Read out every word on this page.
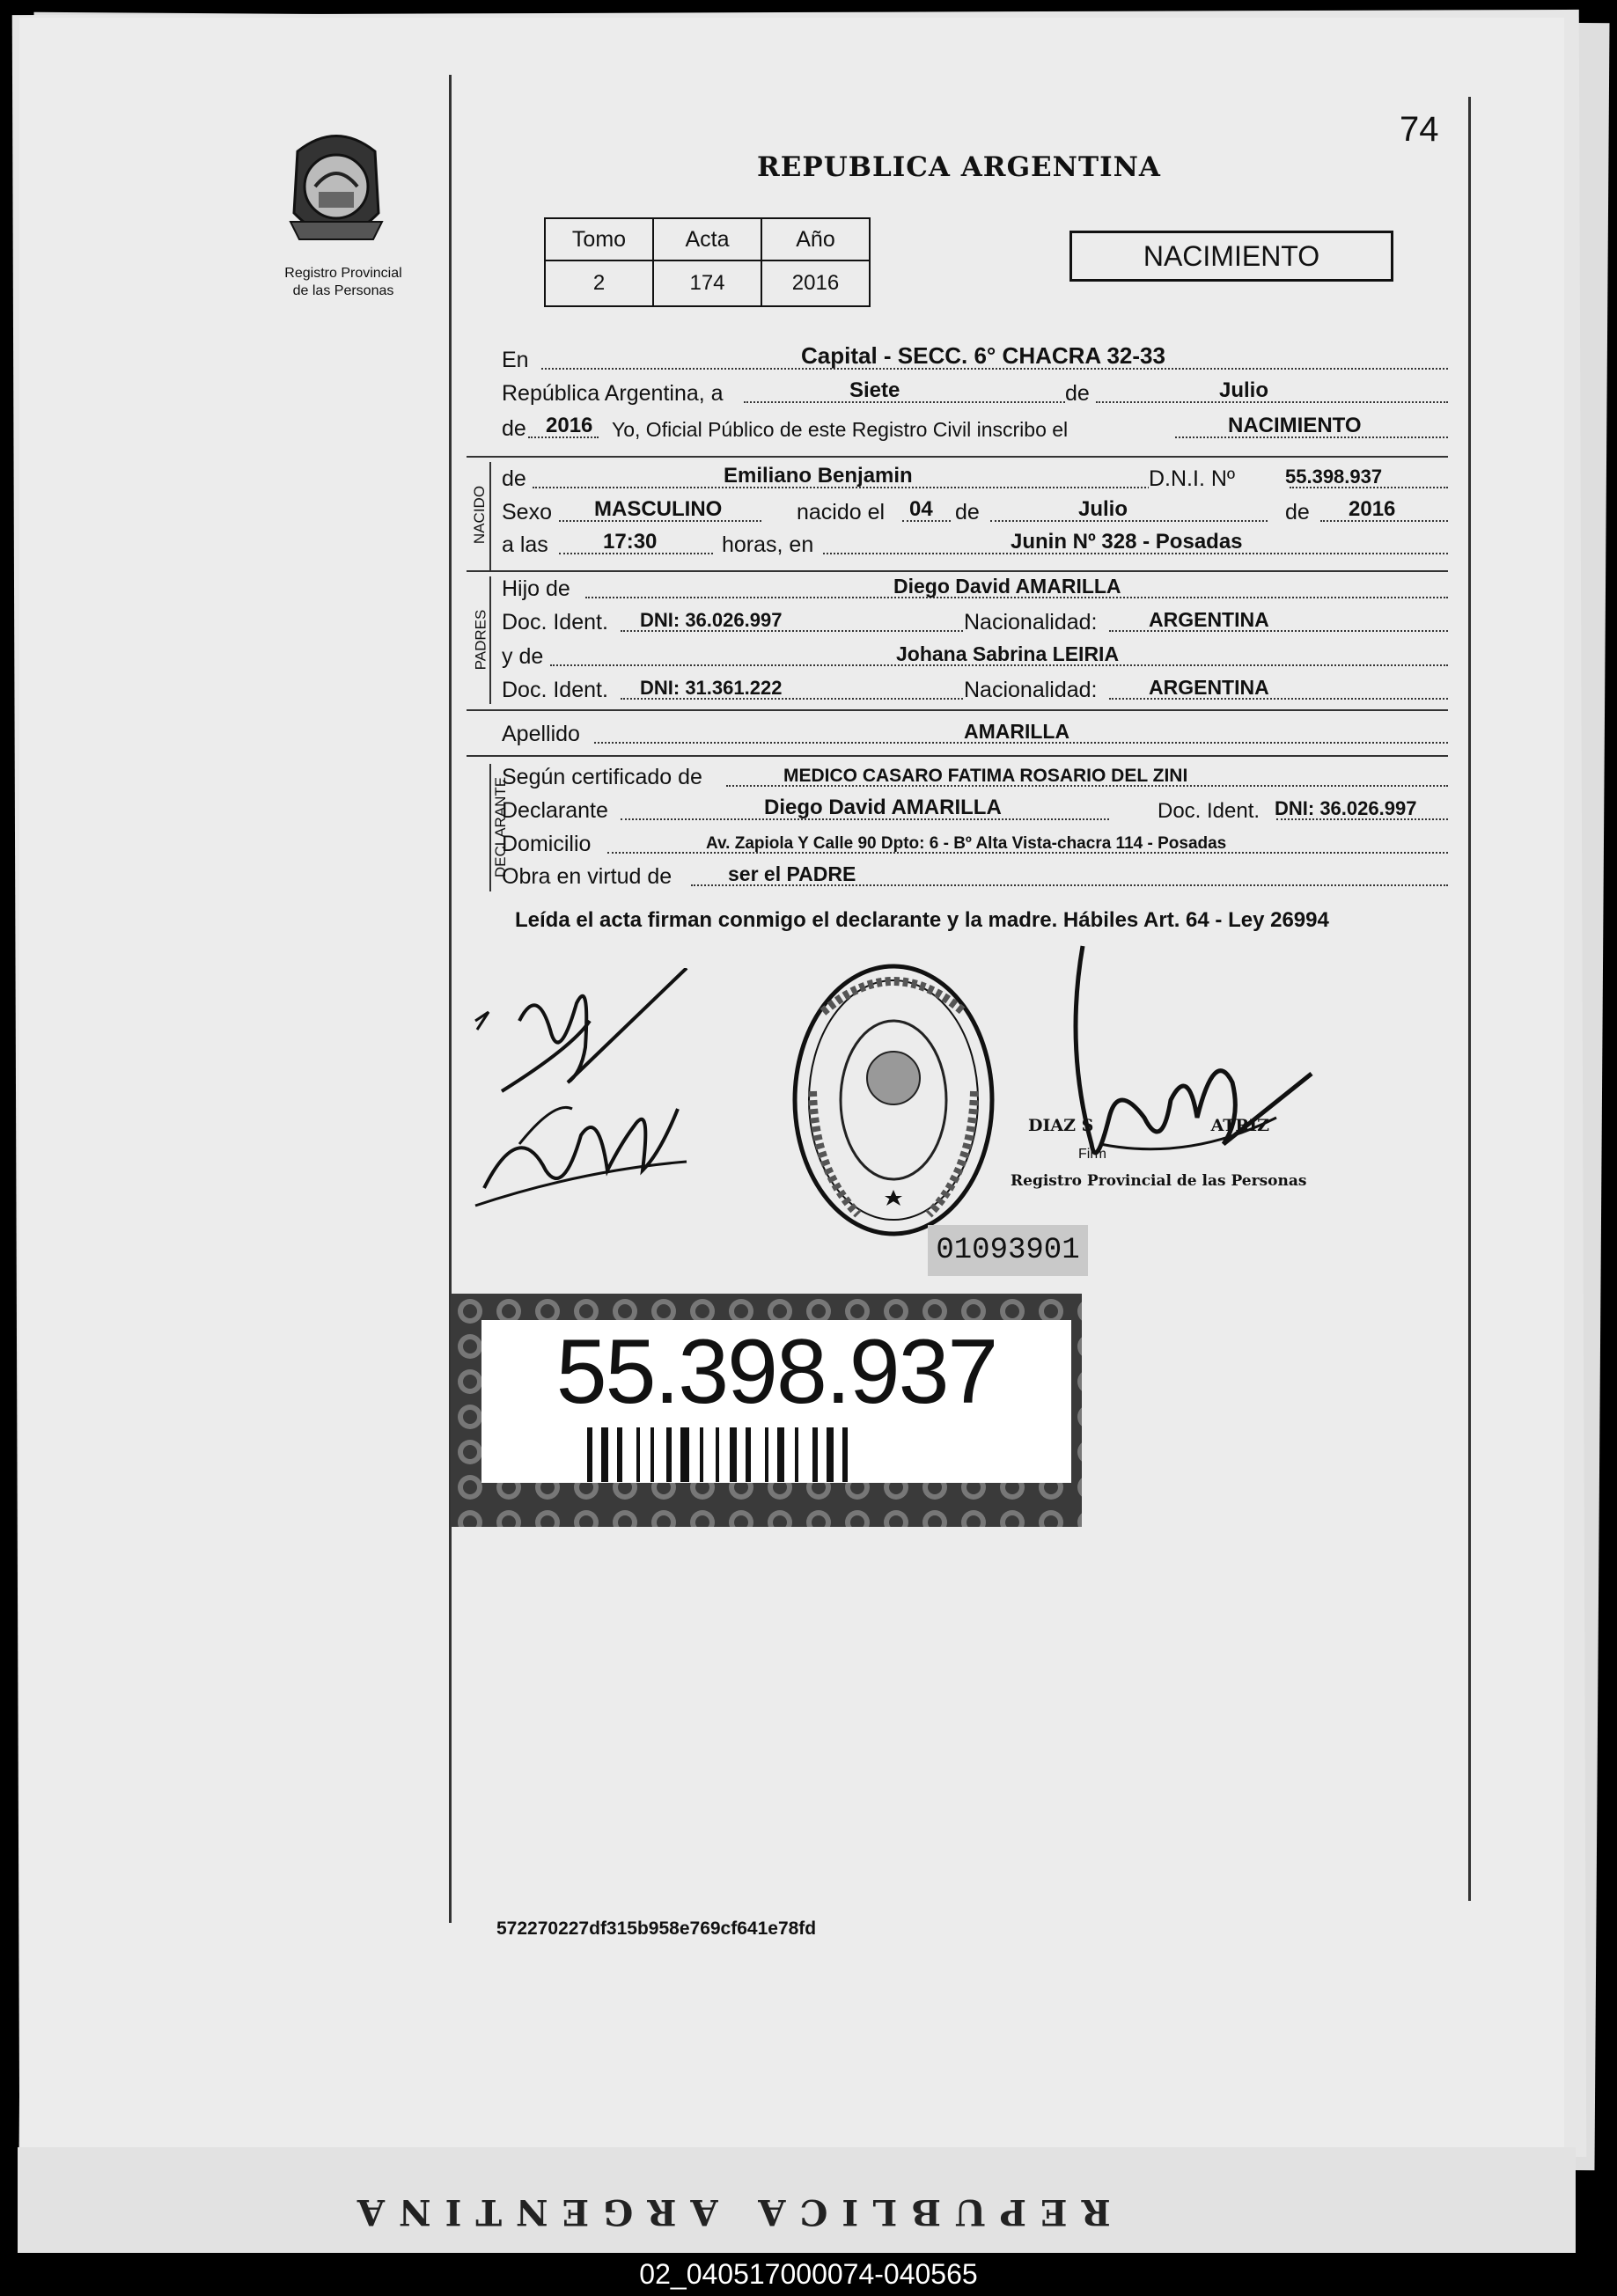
REPUBLICA ARGENTINA
74
REPUBLICA ARGENTINA
Registro Provincial
de las Personas
Tomo	Acta	Año
2	174	2016
NACIMIENTO
En	Capital - SECC. 6° CHACRA 32-33
República Argentina, a	Siete	de	Julio
de 2016 Yo, Oficial Público de este Registro Civil inscribo el	NACIMIENTO
NACIDO
de	Emiliano Benjamin	D.N.I. Nº	55.398.937
Sexo MASCULINO	nacido el 04 de	Julio	de 2016
a las	17:30	horas, en	Junin Nº 328 - Posadas
PADRES
Hijo de	Diego David AMARILLA
Doc. Ident. DNI: 36.026.997	Nacionalidad:	ARGENTINA
y de	Johana Sabrina LEIRIA
Doc. Ident. DNI: 31.361.222	Nacionalidad:	ARGENTINA
Apellido	AMARILLA
DECLARANTE
Según certificado de	MEDICO CASARO FATIMA ROSARIO DEL ZINI
Declarante	Diego David AMARILLA	Doc. Ident. DNI: 36.026.997
Domicilio	Av. Zapiola Y Calle 90 Dpto: 6 - Bº Alta Vista-chacra 114 - Posadas
Obra en virtud de	ser el PADRE
Leída el acta firman conmigo el declarante y la madre. Hábiles Art. 64 - Ley 26994
DIAZ S	ATRIZ
Firm
Registro Provincial de las Personas
01093901
55.398.937
572270227df315b958e769cf641e78fd
02_040517000074-040565
